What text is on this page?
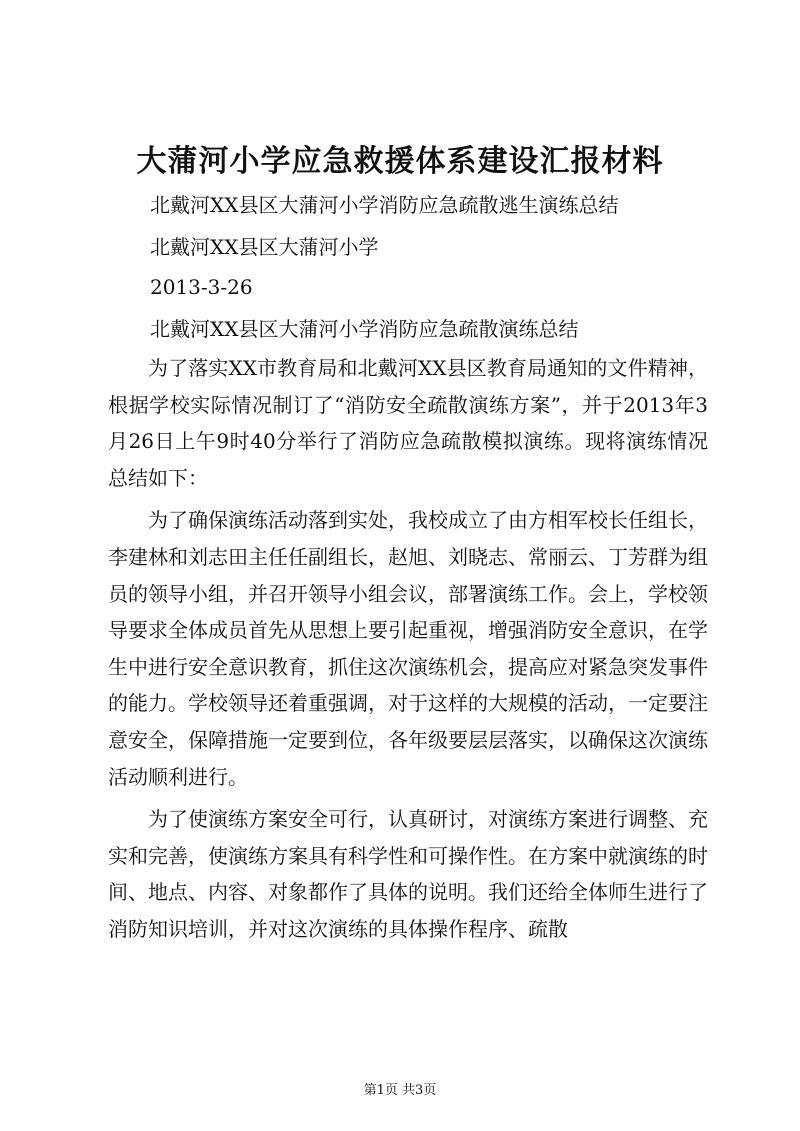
大蒲河小学应急救援体系建设汇报材料

北戴河XX县区大蒲河小学消防应急疏散逃生演练总结

北戴河XX县区大蒲河小学

2013-3-26

北戴河XX县区大蒲河小学消防应急疏散演练总结

为了落实XX市教育局和北戴河XX县区教育局通知的文件精神，根据学校实际情况制订了“消防安全疏散演练方案”，并于2013年3月26日上午9时40分举行了消防应急疏散模拟演练。现将演练情况总结如下：

为了确保演练活动落到实处，我校成立了由方相军校长任组长，李建林和刘志田主任任副组长，赵旭、刘晓志、常丽云、丁芳群为组员的领导小组，并召开领导小组会议，部署演练工作。会上，学校领导要求全体成员首先从思想上要引起重视，增强消防安全意识，在学生中进行安全意识教育，抓住这次演练机会，提高应对紧急突发事件的能力。学校领导还着重强调，对于这样的大规模的活动，一定要注意安全，保障措施一定要到位，各年级要层层落实，以确保这次演练活动顺利进行。

为了使演练方案安全可行，认真研讨，对演练方案进行调整、充实和完善，使演练方案具有科学性和可操作性。在方案中就演练的时间、地点、内容、对象都作了具体的说明。我们还给全体师生进行了消防知识培训，并对这次演练的具体操作程序、疏散

第1页 共3页
